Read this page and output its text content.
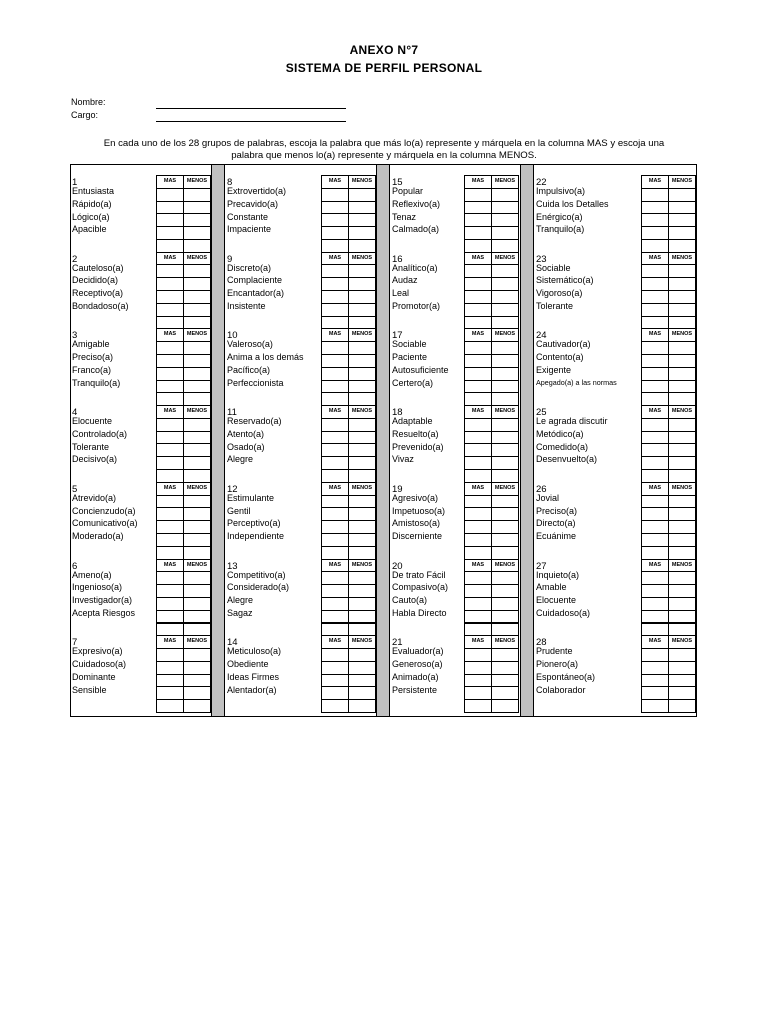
ANEXO N°7
SISTEMA DE PERFIL PERSONAL
Nombre:
Cargo:
En cada uno de los 28 grupos de palabras, escoja la palabra que más lo(a) represente y márquela en la columna MAS y escoja una
palabra que menos lo(a) represente y márquela en la columna MENOS.
1
Entusiasta
Rápido(a)
Lógico(a)
Apacible
MAS	MENOS
2
Cauteloso(a)
Decidido(a)
Receptivo(a)
Bondadoso(a)
MAS	MENOS
3
Amigable
Preciso(a)
Franco(a)
Tranquilo(a)
MAS	MENOS
4
Elocuente
Controlado(a)
Tolerante
Decisivo(a)
MAS	MENOS
5
Atrevido(a)
Concienzudo(a)
Comunicativo(a)
Moderado(a)
MAS	MENOS
6
Ameno(a)
Ingenioso(a)
Investigador(a)
Acepta Riesgos
MAS	MENOS
7
Expresivo(a)
Cuidadoso(a)
Dominante
Sensible
MAS	MENOS
8
Extrovertido(a)
Precavido(a)
Constante
Impaciente
MAS	MENOS
9
Discreto(a)
Complaciente
Encantador(a)
Insistente
MAS	MENOS
10
Valeroso(a)
Anima a los demás
Pacífico(a)
Perfeccionista
MAS	MENOS
11
Reservado(a)
Atento(a)
Osado(a)
Alegre
MAS	MENOS
12
Estimulante
Gentil
Perceptivo(a)
Independiente
MAS	MENOS
13
Competitivo(a)
Considerado(a)
Alegre
Sagaz
MAS	MENOS
14
Meticuloso(a)
Obediente
Ideas Firmes
Alentador(a)
MAS	MENOS
15
Popular
Reflexivo(a)
Tenaz
Calmado(a)
MAS	MENOS
16
Analítico(a)
Audaz
Leal
Promotor(a)
MAS	MENOS
17
Sociable
Paciente
Autosuficiente
Certero(a)
MAS	MENOS
18
Adaptable
Resuelto(a)
Prevenido(a)
Vivaz
MAS	MENOS
19
Agresivo(a)
Impetuoso(a)
Amistoso(a)
Discerniente
MAS	MENOS
20
De trato Fácil
Compasivo(a)
Cauto(a)
Habla Directo
MAS	MENOS
21
Evaluador(a)
Generoso(a)
Animado(a)
Persistente
MAS	MENOS
22
Impulsivo(a)
Cuida los Detalles
Enérgico(a)
Tranquilo(a)
MAS	MENOS
23
Sociable
Sistemático(a)
Vigoroso(a)
Tolerante
MAS	MENOS
24
Cautivador(a)
Contento(a)
Exigente
Apegado(a) a las normas
MAS	MENOS
25
Le agrada discutir
Metódico(a)
Comedido(a)
Desenvuelto(a)
MAS	MENOS
26
Jovial
Preciso(a)
Directo(a)
Ecuánime
MAS	MENOS
27
Inquieto(a)
Amable
Elocuente
Cuidadoso(a)
MAS	MENOS
28
Prudente
Pionero(a)
Espontáneo(a)
Colaborador
MAS	MENOS
